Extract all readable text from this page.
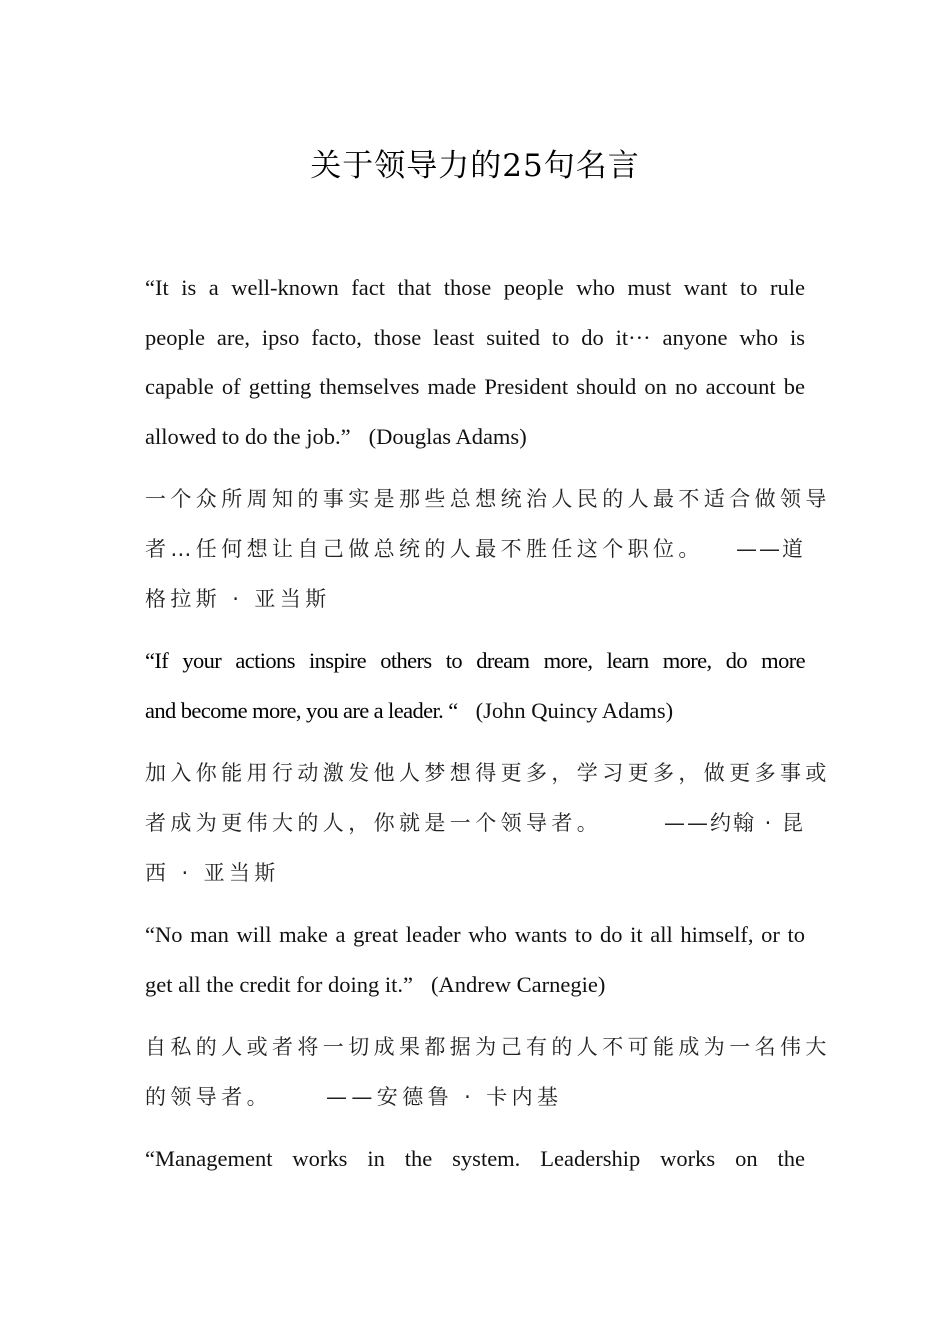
关于领导力的25句名言
“It is a well-known fact that those people who must want to rule
people are, ipso facto, those least suited to do it··· anyone who is
capable of getting themselves made President should on no account be
allowed to do the job.” (Douglas Adams)
一个众所周知的事实是那些总想统治人民的人最不适合做领导
者…任何想让自己做总统的人最不胜任这个职位。 ——道
格拉斯 · 亚当斯
“If your actions inspire others to dream more, learn more, do more
and become more, you are a leader. “ (John Quincy Adams)
加入你能用行动激发他人梦想得更多，学习更多，做更多事或
者成为更伟大的人，你就是一个领导者。	——约翰 · 昆
西 · 亚当斯
“No man will make a great leader who wants to do it all himself, or to
get all the credit for doing it.” (Andrew Carnegie)
自私的人或者将一切成果都据为己有的人不可能成为一名伟大
的领导者。	——安德鲁 · 卡内基
“Management works in the system. Leadership works on the
